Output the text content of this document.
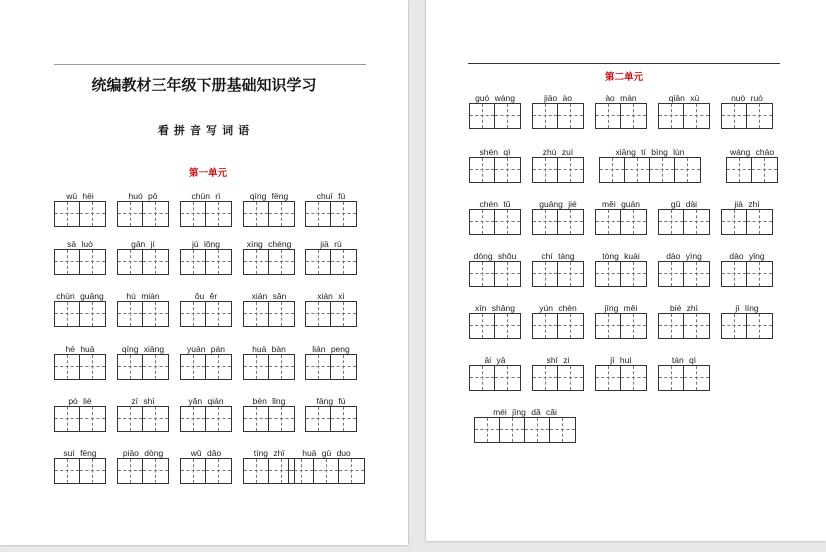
统编教材三年级下册基础知识学习
看 拼 音 写 词 语
第一单元
wū hēi	huó pō	chūn rì	qīng fēng	chuī fú
sā luò	gān jí	jù lǒng	xíng chéng	jiā rù
chūn guāng	hú miàn	ǒu ěr	xián sǎn	xián xì
hé huā	qīng xiāng	yuán pán	huā bàn	lián peng
pò liè	zī shì	yǎn qián	bèn lǐng	fāng fú
suí fēng	piāo dòng	wǔ dǎo	tíng zhǐ	huā gū duo
第二单元
guó wáng	jiāo ào	ào màn	qiān xū	nuò ruò
shén qì	zhù zuì	xiāng tí bìng lùn	wáng cháo
chén tǔ	guāng jié	měi guān	gǔ dài	jià zhí
dòng shǒu	chí táng	tòng kuài	dào yìng	dào yǐng
xīn shǎng	yún chèn	jīng měi	bié zhì	jì líng
āi yā	shī zi	jī huì	tán qì
méi jīng dǎ cǎi
